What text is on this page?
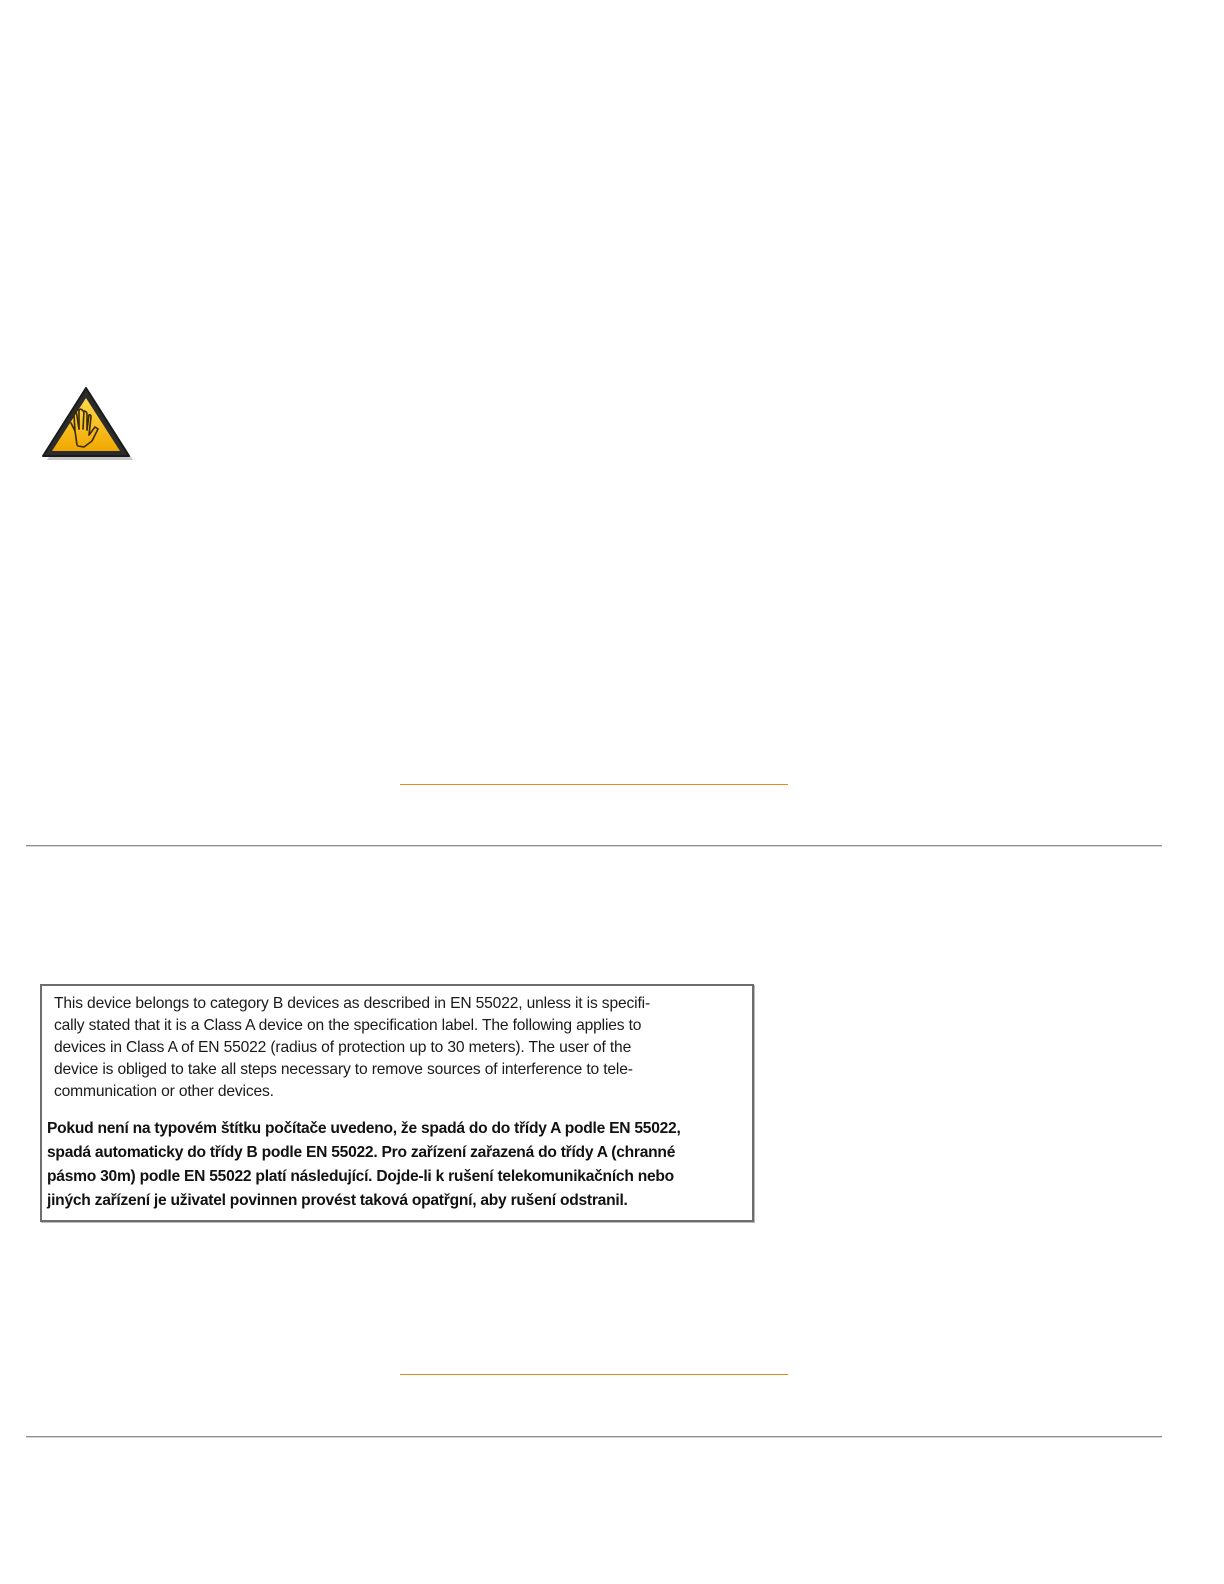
This device belongs to category B devices as described in EN 55022, unless it is specifi-
cally stated that it is a Class A device on the specification label. The following applies to
devices in Class A of EN 55022 (radius of protection up to 30 meters). The user of the
device is obliged to take all steps necessary to remove sources of interference to tele-
communication or other devices.
Pokud není na typovém štítku počítače uvedeno, že spadá do do třídy A podle EN 55022,
spadá automaticky do třídy B podle EN 55022. Pro zařízení zařazená do třídy A (chranné
pásmo 30m) podle EN 55022 platí následující. Dojde-li k rušení telekomunikačních nebo
jiných zařízení je uživatel povinnen provést taková opatřgní, aby rušení odstranil.
